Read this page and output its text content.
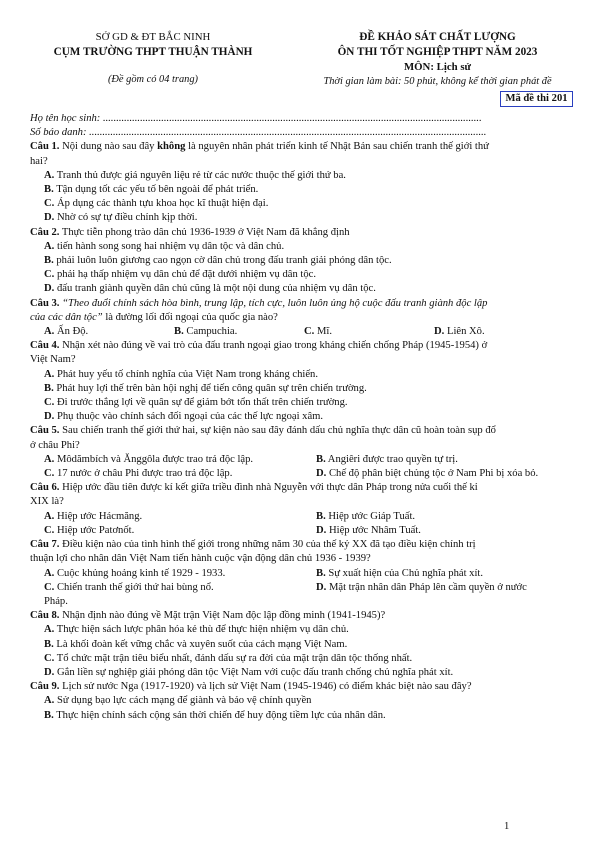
SỞ GD & ĐT BẮC NINH
CỤM TRƯỜNG THPT THUẬN THÀNH
(Đề gồm có 04 trang)
ĐỀ KHẢO SÁT CHẤT LƯỢNG
ÔN THI TỐT NGHIỆP THPT NĂM 2023
MÔN: Lịch sử
Thời gian làm bài: 50 phút, không kể thời gian phát đề
Mã đề thi 201
Họ tên học sinh: ...............................................................................................................................................
Số báo danh: ......................................................................................................................................................
Câu 1. Nội dung nào sau đây không là nguyên nhân phát triển kinh tế Nhật Bản sau chiến tranh thế giới thứ
hai?
A. Tranh thủ được giá nguyên liệu rẻ từ các nước thuộc thế giới thứ ba.
B. Tận dụng tốt các yếu tố bên ngoài để phát triển.
C. Áp dụng các thành tựu khoa học kĩ thuật hiện đại.
D. Nhờ có sự tự điều chỉnh kịp thời.
Câu 2. Thực tiễn phong trào dân chủ 1936-1939 ở Việt Nam đã khẳng định
A. tiến hành song song hai nhiệm vụ dân tộc và dân chủ.
B. phải luôn luôn giương cao ngọn cờ dân chủ trong đấu tranh giải phóng dân tộc.
C. phải hạ thấp nhiệm vụ dân chủ để đặt dưới nhiệm vụ dân tộc.
D. đấu tranh giành quyền dân chủ cũng là một nội dung của nhiệm vụ dân tộc.
Câu 3. “Theo đuổi chính sách hòa bình, trung lập, tích cực, luôn luôn ủng hộ cuộc đấu tranh giành độc lập
của các dân tộc” là đường lối đối ngoại của quốc gia nào?
A. Ấn Độ.	B. Campuchia.	C. Mĩ.	D. Liên Xô.
Câu 4. Nhận xét nào đúng về vai trò của đấu tranh ngoại giao trong kháng chiến chống Pháp (1945-1954) ở
Việt Nam?
A. Phát huy yếu tố chính nghĩa của Việt Nam trong kháng chiến.
B. Phát huy lợi thế trên bàn hội nghị để tiến công quân sự trên chiến trường.
C. Đi trước thắng lợi về quân sự để giảm bớt tổn thất trên chiến trường.
D. Phụ thuộc vào chính sách đối ngoại của các thế lực ngoại xâm.
Câu 5. Sau chiến tranh thế giới thứ hai, sự kiện nào sau đây đánh dấu chủ nghĩa thực dân cũ hoàn toàn sụp đổ
ở châu Phi?
A. Môdămbích và Ănggôla được trao trả độc lập.	B. Angiêri được trao quyền tự trị.
C. 17 nước ở châu Phi được trao trả độc lập.	D. Chế độ phân biệt chủng tộc ở Nam Phi bị xóa bỏ.
Câu 6. Hiệp ước đầu tiên được kí kết giữa triều đình nhà Nguyễn với thực dân Pháp trong nửa cuối thế kỉ
XIX là?
A. Hiệp ước Hácmăng.	B. Hiệp ước Giáp Tuất.
C. Hiệp ước Patơnốt.	D. Hiệp ước Nhâm Tuất.
Câu 7. Điều kiện nào của tình hình thế giới trong những năm 30 của thế kỷ XX đã tạo điều kiện chính trị
thuận lợi cho nhân dân Việt Nam tiến hành cuộc vận động dân chủ 1936 - 1939?
A. Cuộc khủng hoảng kinh tế 1929 - 1933.	B. Sự xuất hiện của Chủ nghĩa phát xít.
C. Chiến tranh thế giới thứ hai bùng nổ.	D. Mặt trận nhân dân Pháp lên cầm quyền ở nước
Pháp.
Câu 8. Nhận định nào đúng về Mặt trận Việt Nam độc lập đồng minh (1941-1945)?
A. Thực hiện sách lược phân hóa kẻ thù để thực hiện nhiệm vụ dân chủ.
B. Là khối đoàn kết vững chắc và xuyên suốt của cách mạng Việt Nam.
C. Tổ chức mặt trận tiêu biểu nhất, đánh dấu sự ra đời của mặt trận dân tộc thống nhất.
D. Gắn liền sự nghiệp giải phóng dân tộc Việt Nam với cuộc đấu tranh chống chủ nghĩa phát xít.
Câu 9. Lịch sử nước Nga (1917-1920) và lịch sử Việt Nam (1945-1946) có điểm khác biệt nào sau đây?
A. Sử dụng bạo lực cách mạng để giành và bảo vệ chính quyền
B. Thực hiện chính sách cộng sản thời chiến để huy động tiềm lực của nhân dân.
1
